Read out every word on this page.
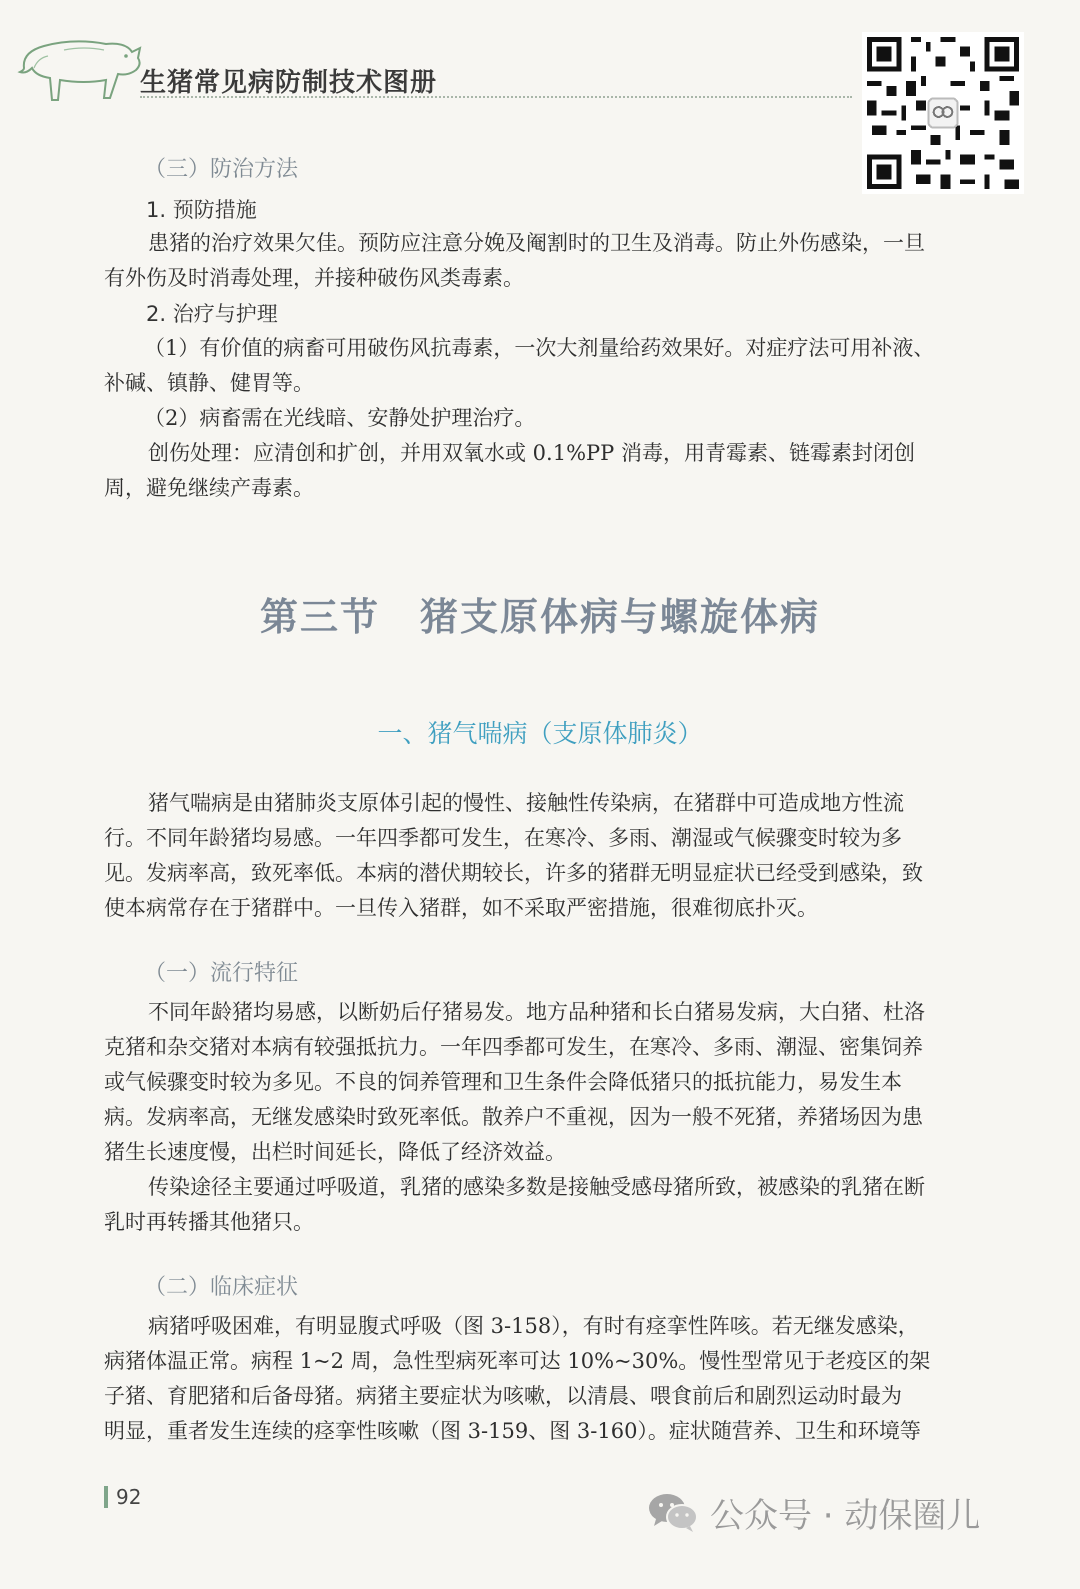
生猪常见病防制技术图册
（三）防治方法
1. 预防措施
患猪的治疗效果欠佳。预防应注意分娩及阉割时的卫生及消毒。防止外伤感染，一旦
有外伤及时消毒处理，并接种破伤风类毒素。
2. 治疗与护理
（1）有价值的病畜可用破伤风抗毒素，一次大剂量给药效果好。对症疗法可用补液、
补碱、镇静、健胃等。
（2）病畜需在光线暗、安静处护理治疗。
创伤处理：应清创和扩创，并用双氧水或 0.1%PP 消毒，用青霉素、链霉素封闭创
周，避免继续产毒素。
第三节　猪支原体病与螺旋体病
一、猪气喘病（支原体肺炎）
猪气喘病是由猪肺炎支原体引起的慢性、接触性传染病，在猪群中可造成地方性流
行。不同年龄猪均易感。一年四季都可发生，在寒冷、多雨、潮湿或气候骤变时较为多
见。发病率高，致死率低。本病的潜伏期较长，许多的猪群无明显症状已经受到感染，致
使本病常存在于猪群中。一旦传入猪群，如不采取严密措施，很难彻底扑灭。
（一）流行特征
不同年龄猪均易感，以断奶后仔猪易发。地方品种猪和长白猪易发病，大白猪、杜洛
克猪和杂交猪对本病有较强抵抗力。一年四季都可发生，在寒冷、多雨、潮湿、密集饲养
或气候骤变时较为多见。不良的饲养管理和卫生条件会降低猪只的抵抗能力，易发生本
病。发病率高，无继发感染时致死率低。散养户不重视，因为一般不死猪，养猪场因为患
猪生长速度慢，出栏时间延长，降低了经济效益。
传染途径主要通过呼吸道，乳猪的感染多数是接触受感母猪所致，被感染的乳猪在断
乳时再转播其他猪只。
（二）临床症状
病猪呼吸困难，有明显腹式呼吸（图 3-158），有时有痉挛性阵咳。若无继发感染，
病猪体温正常。病程 1~2 周，急性型病死率可达 10%~30%。慢性型常见于老疫区的架
子猪、育肥猪和后备母猪。病猪主要症状为咳嗽，以清晨、喂食前后和剧烈运动时最为
明显，重者发生连续的痉挛性咳嗽（图 3-159、图 3-160）。症状随营养、卫生和环境等
92	公众号 · 动保圈儿
